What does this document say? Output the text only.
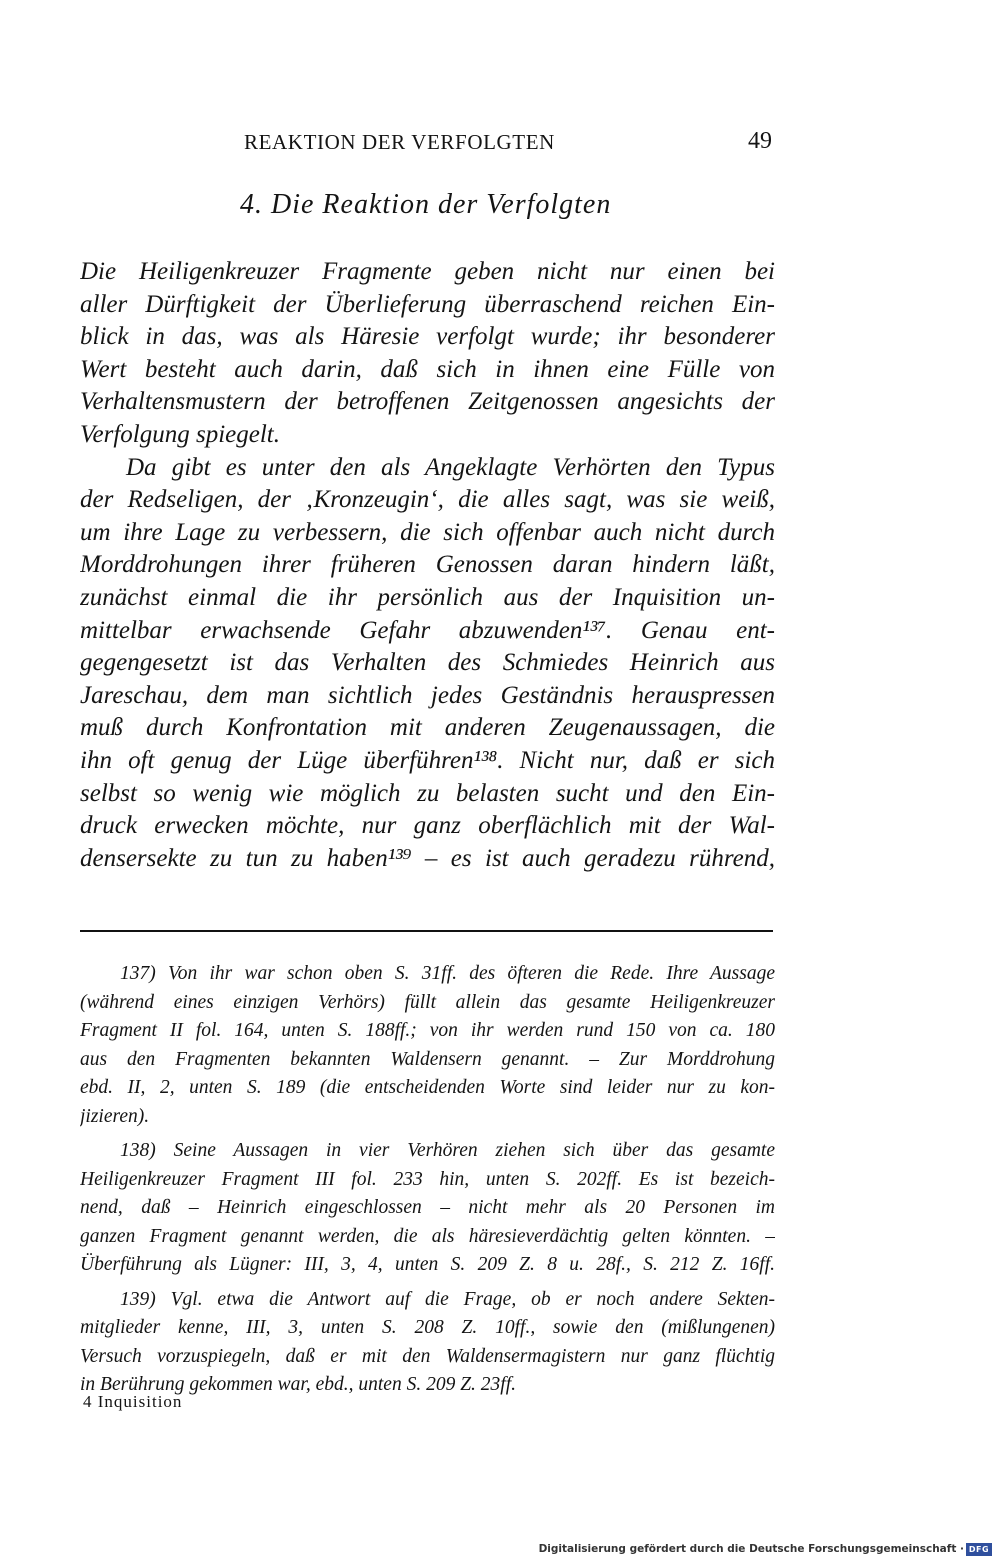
REAKTION DER VERFOLGTEN	49
4. Die Reaktion der Verfolgten
Die Heiligenkreuzer Fragmente geben nicht nur einen bei
aller Dürftigkeit der Überlieferung überraschend reichen Ein-
blick in das, was als Häresie verfolgt wurde; ihr besonderer
Wert besteht auch darin, daß sich in ihnen eine Fülle von
Verhaltensmustern der betroffenen Zeitgenossen angesichts der
Verfolgung spiegelt.
Da gibt es unter den als Angeklagte Verhörten den Typus
der Redseligen, der ‚Kronzeugin‘, die alles sagt, was sie weiß,
um ihre Lage zu verbessern, die sich offenbar auch nicht durch
Morddrohungen ihrer früheren Genossen daran hindern läßt,
zunächst einmal die ihr persönlich aus der Inquisition un-
mittelbar erwachsende Gefahr abzuwenden¹³⁷. Genau ent-
gegengesetzt ist das Verhalten des Schmiedes Heinrich aus
Jareschau, dem man sichtlich jedes Geständnis herauspressen
muß durch Konfrontation mit anderen Zeugenaussagen, die
ihn oft genug der Lüge überführen¹³⁸. Nicht nur, daß er sich
selbst so wenig wie möglich zu belasten sucht und den Ein-
druck erwecken möchte, nur ganz oberflächlich mit der Wal-
densersekte zu tun zu haben¹³⁹ – es ist auch geradezu rührend,
137) Von ihr war schon oben S. 31ff. des öfteren die Rede. Ihre Aussage
(während eines einzigen Verhörs) füllt allein das gesamte Heiligenkreuzer
Fragment II fol. 164, unten S. 188ff.; von ihr werden rund 150 von ca. 180
aus den Fragmenten bekannten Waldensern genannt. – Zur Morddrohung
ebd. II, 2, unten S. 189 (die entscheidenden Worte sind leider nur zu kon-
jizieren).
138) Seine Aussagen in vier Verhören ziehen sich über das gesamte
Heiligenkreuzer Fragment III fol. 233 hin, unten S. 202ff. Es ist bezeich-
nend, daß – Heinrich eingeschlossen – nicht mehr als 20 Personen im
ganzen Fragment genannt werden, die als häresieverdächtig gelten könnten. –
Überführung als Lügner: III, 3, 4, unten S. 209 Z. 8 u. 28f., S. 212 Z. 16ff.
139) Vgl. etwa die Antwort auf die Frage, ob er noch andere Sekten-
mitglieder kenne, III, 3, unten S. 208 Z. 10ff., sowie den (mißlungenen)
Versuch vorzuspiegeln, daß er mit den Waldensermagistern nur ganz flüchtig
in Berührung gekommen war, ebd., unten S. 209 Z. 23ff.
4 Inquisition
Digitalisierung gefördert durch die Deutsche Forschungsgemeinschaft · DFG
